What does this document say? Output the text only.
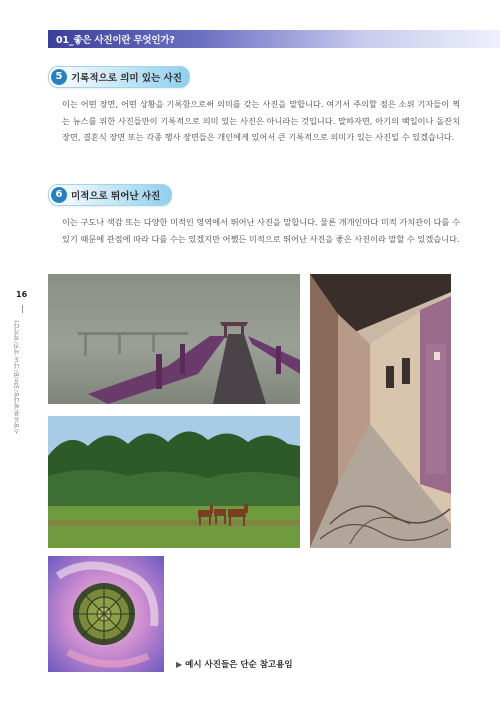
01_좋은 사진이란 무엇인가?
5 기록적으로 의미 있는 사진

이는 어떤 장면, 어떤 상황을 기록함으로써 의미를 갖는 사진을 말합니다. 여기서 주의할 점은 소위 기자들이 찍는 뉴스를 위한 사진들만이 기록적으로 의미 있는 사진은 아니라는 것입니다. 말하자면, 아기의 백일이나 돌잔치 장면, 결혼식 장면 또는 각종 행사 장면들은 개인에게 있어서 큰 기록적으로 의미가 있는 사진일 수 있겠습니다.

6 미적으로 뛰어난 사진

이는 구도나 색감 또는 다양한 미적인 영역에서 뛰어난 사진을 말합니다. 물론 개개인마다 미적 가치관이 다를 수 있기 때문에 관점에 따라 다를 수는 있겠지만 어쨌든 미적으로 뛰어난 사진을 좋은 사진이라 말할 수 있겠습니다.

16
스마트폰 하나만 있으면 나도 사진 작가다!
▶ 예시 사진들은 단순 참고용임
